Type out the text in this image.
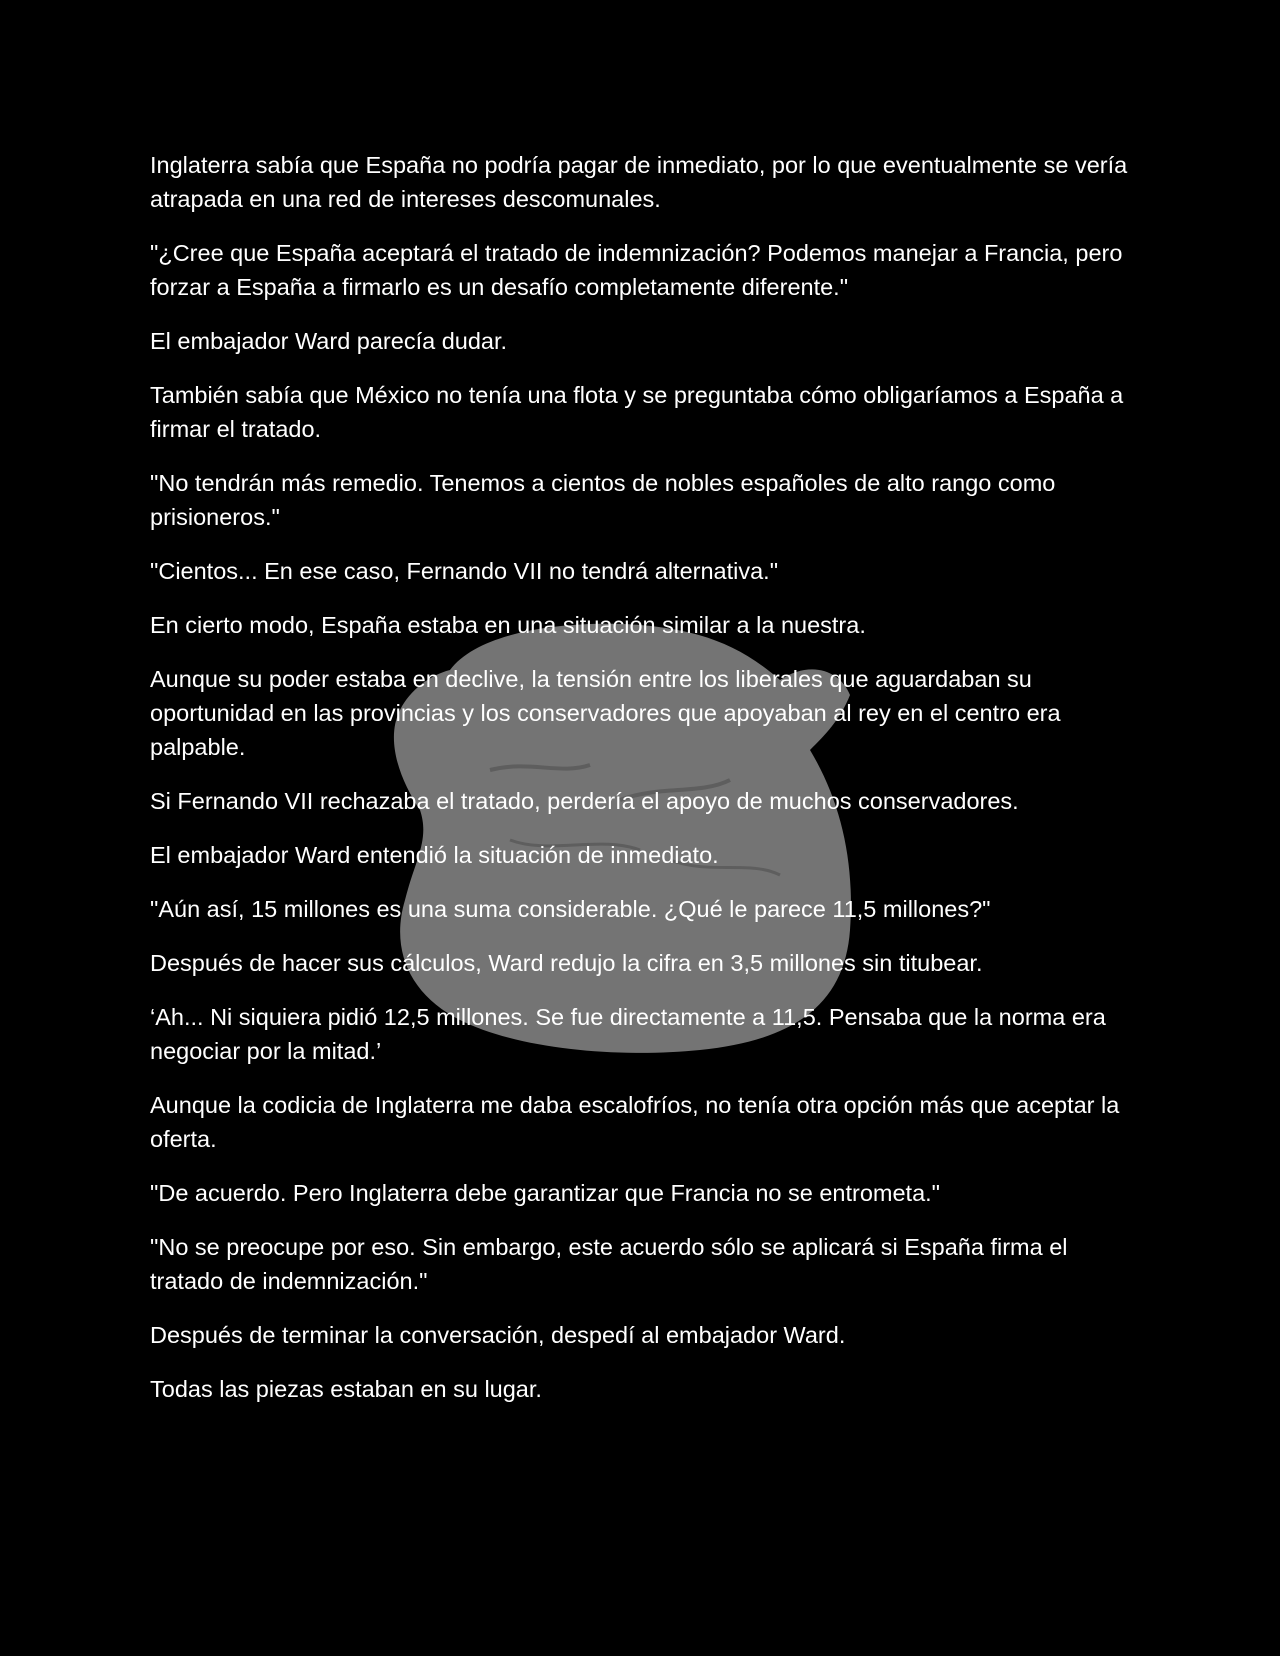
Inglaterra sabía que España no podría pagar de inmediato, por lo que eventualmente se vería atrapada en una red de intereses descomunales.

"¿Cree que España aceptará el tratado de indemnización? Podemos manejar a Francia, pero forzar a España a firmarlo es un desafío completamente diferente."

El embajador Ward parecía dudar.

También sabía que México no tenía una flota y se preguntaba cómo obligaríamos a España a firmar el tratado.

"No tendrán más remedio. Tenemos a cientos de nobles españoles de alto rango como prisioneros."

"Cientos... En ese caso, Fernando VII no tendrá alternativa."

En cierto modo, España estaba en una situación similar a la nuestra.

Aunque su poder estaba en declive, la tensión entre los liberales que aguardaban su oportunidad en las provincias y los conservadores que apoyaban al rey en el centro era palpable.

Si Fernando VII rechazaba el tratado, perdería el apoyo de muchos conservadores.

El embajador Ward entendió la situación de inmediato.

"Aún así, 15 millones es una suma considerable. ¿Qué le parece 11,5 millones?"

Después de hacer sus cálculos, Ward redujo la cifra en 3,5 millones sin titubear.

‘Ah... Ni siquiera pidió 12,5 millones. Se fue directamente a 11,5. Pensaba que la norma era negociar por la mitad.’

Aunque la codicia de Inglaterra me daba escalofríos, no tenía otra opción más que aceptar la oferta.

"De acuerdo. Pero Inglaterra debe garantizar que Francia no se entrometa."

"No se preocupe por eso. Sin embargo, este acuerdo sólo se aplicará si España firma el tratado de indemnización."

Después de terminar la conversación, despedí al embajador Ward.

Todas las piezas estaban en su lugar.
